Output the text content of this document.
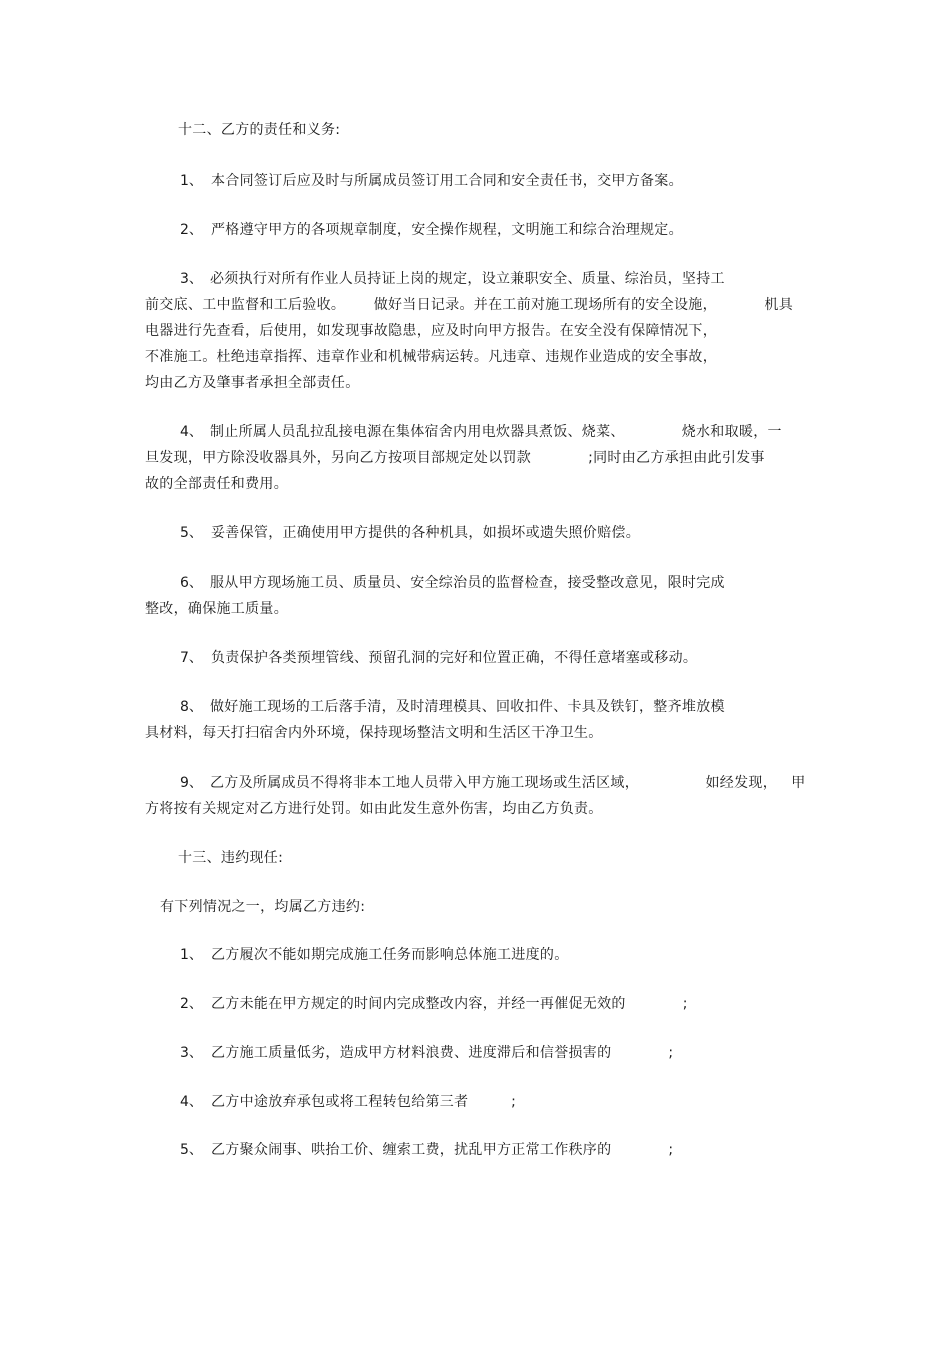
十二、乙方的责任和义务:
1、 本合同签订后应及时与所属成员签订用工合同和安全责任书，交甲方备案。
2、 严格遵守甲方的各项规章制度，安全操作规程，文明施工和综合治理规定。
3、 必须执行对所有作业人员持证上岗的规定，设立兼职安全、质量、综治员，坚持工
前交底、工中监督和工后验收。      做好当日记录。并在工前对施工现场所有的安全设施，          机具
电器进行先查看，后使用，如发现事故隐患，应及时向甲方报告。在安全没有保障情况下，
不准施工。杜绝违章指挥、违章作业和机械带病运转。凡违章、违规作业造成的安全事故，
均由乙方及肇事者承担全部责任。
4、 制止所属人员乱拉乱接电源在集体宿舍内用电炊器具煮饭、烧菜、            烧水和取暖，一
旦发现，甲方除没收器具外，另向乙方按项目部规定处以罚款            ;同时由乙方承担由此引发事
故的全部责任和费用。
5、 妥善保管，正确使用甲方提供的各种机具，如损坏或遗失照价赔偿。
6、 服从甲方现场施工员、质量员、安全综治员的监督检查，接受整改意见，限时完成
整改，确保施工质量。
7、 负责保护各类预埋管线、预留孔洞的完好和位置正确，不得任意堵塞或移动。
8、 做好施工现场的工后落手清，及时清理模具、回收扣件、卡具及铁钉，整齐堆放模
具材料，每天打扫宿舍内外环境，保持现场整洁文明和生活区干净卫生。
9、 乙方及所属成员不得将非本工地人员带入甲方施工现场或生活区域，              如经发现，   甲
方将按有关规定对乙方进行处罚。如由此发生意外伤害，均由乙方负责。
十三、违约现任:
有下列情况之一，均属乙方违约:
1、 乙方履次不能如期完成施工任务而影响总体施工进度的。
2、 乙方未能在甲方规定的时间内完成整改内容，并经一再催促无效的            ;
3、 乙方施工质量低劣，造成甲方材料浪费、进度滞后和信誉损害的            ;
4、 乙方中途放弃承包或将工程转包给第三者         ;
5、 乙方聚众闹事、哄抬工价、缠索工费，扰乱甲方正常工作秩序的            ;
